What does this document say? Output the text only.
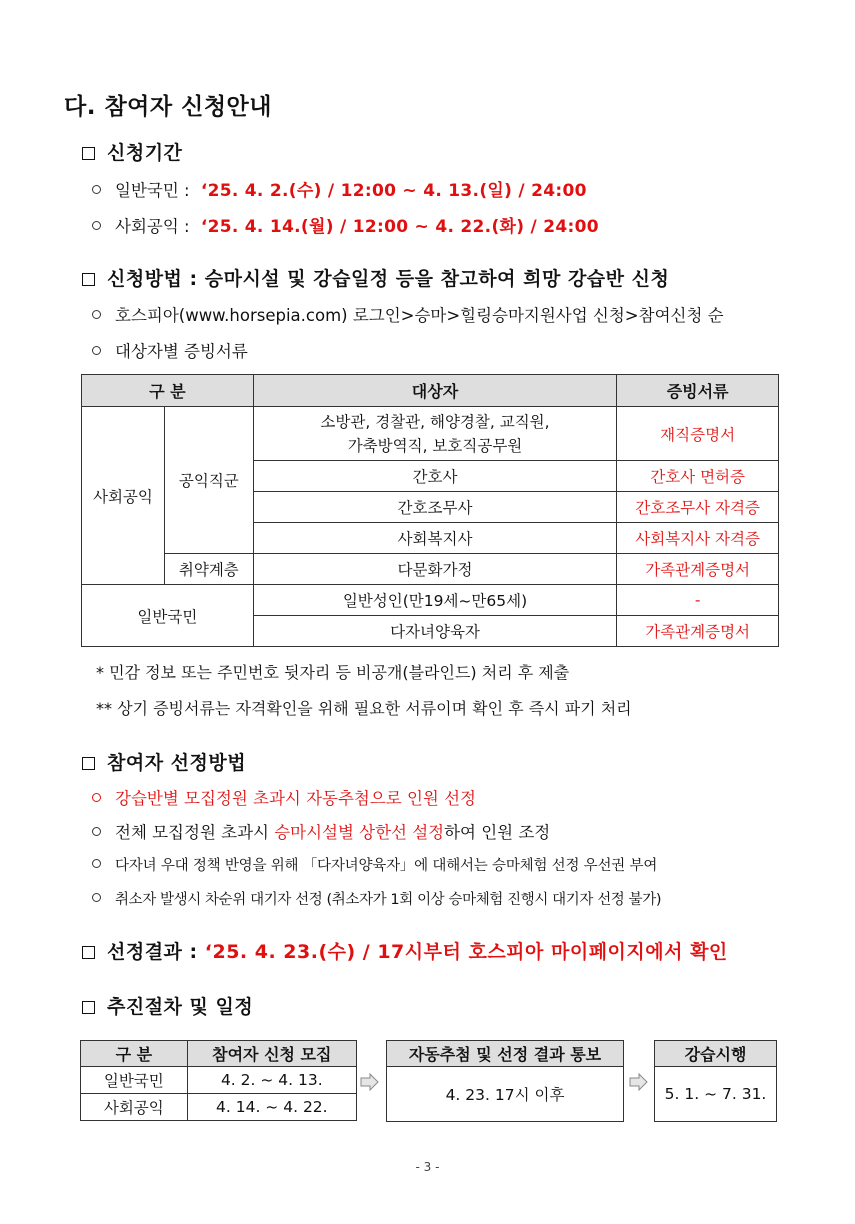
다. 참여자 신청안내
신청기간
일반국민 : ‘25. 4. 2.(수) / 12:00 ~ 4. 13.(일) / 24:00
사회공익 : ‘25. 4. 14.(월) / 12:00 ~ 4. 22.(화) / 24:00
신청방법 : 승마시설 및 강습일정 등을 참고하여 희망 강습반 신청
호스피아(www.horsepia.com) 로그인>승마>힐링승마지원사업 신청>참여신청 순
대상자별 증빙서류
구 분		대상자	증빙서류
사회공익	공익직군	소방관, 경찰관, 해양경찰, 교직원,
가축방역직, 보호직공무원	재직증명서
		간호사	간호사 면허증
		간호조무사	간호조무사 자격증
		사회복지사	사회복지사 자격증
	취약계층	다문화가정	가족관계증명서
일반국민		일반성인(만19세~만65세)	-
		다자녀양육자	가족관계증명서
* 민감 정보 또는 주민번호 뒷자리 등 비공개(블라인드) 처리 후 제출
** 상기 증빙서류는 자격확인을 위해 필요한 서류이며 확인 후 즉시 파기 처리
참여자 선정방법
강습반별 모집정원 초과시 자동추첨으로 인원 선정
전체 모집정원 초과시 승마시설별 상한선 설정하여 인원 조정
다자녀 우대 정책 반영을 위해 「다자녀양육자」에 대해서는 승마체험 선정 우선권 부여
취소자 발생시 차순위 대기자 선정 (취소자가 1회 이상 승마체험 진행시 대기자 선정 불가)
선정결과 : ‘25. 4. 23.(수) / 17시부터 호스피아 마이페이지에서 확인
추진절차 및 일정
구 분	참여자 신청 모집
일반국민	4. 2. ~ 4. 13.
사회공익	4. 14. ~ 4. 22.
자동추첨 및 선정 결과 통보
4. 23. 17시 이후
강습시행
5. 1. ~ 7. 31.
- 3 -
